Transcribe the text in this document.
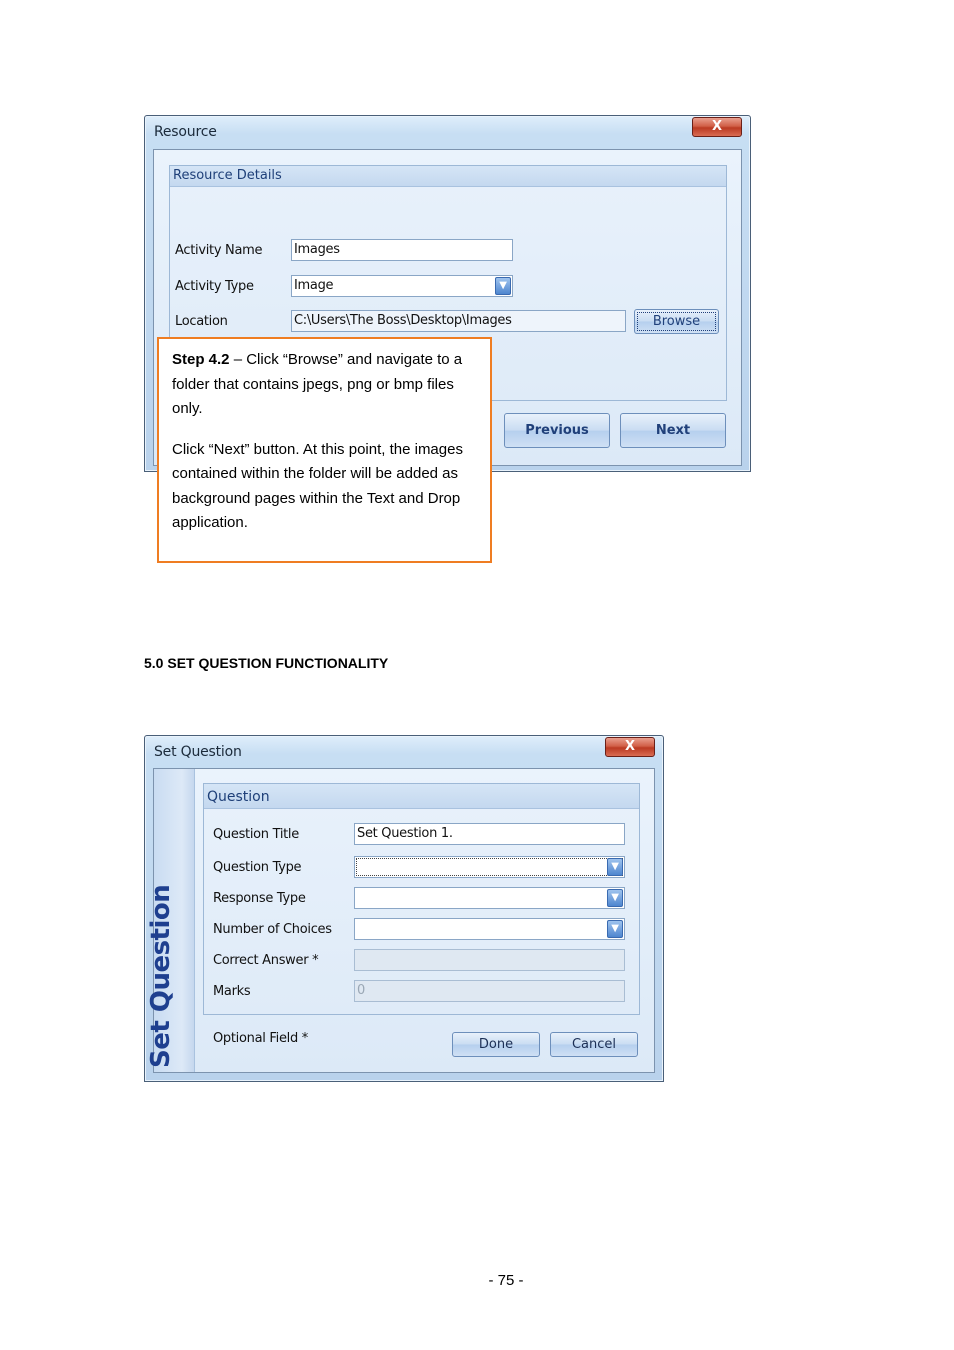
Resource	X
Resource Details
Activity Name Images
Activity Type	Image	▼
Location	C:\Users\The Boss\Desktop\Images	Browse
Previous	Next

Step 4.2 – Click “Browse” and navigate to a folder that contains jpegs, png or bmp files only.

Click “Next” button. At this point, the images contained within the folder will be added as background pages within the Text and Drop application.

5.0 SET QUESTION FUNCTIONALITY
Set Question	X
Set Question
Question
Question Title	Set Question 1.
Question Type	▼
Response Type	▼
Number of Choices	▼
Correct Answer *
Marks	0
Optional Field *	Done	Cancel
- 75 -
